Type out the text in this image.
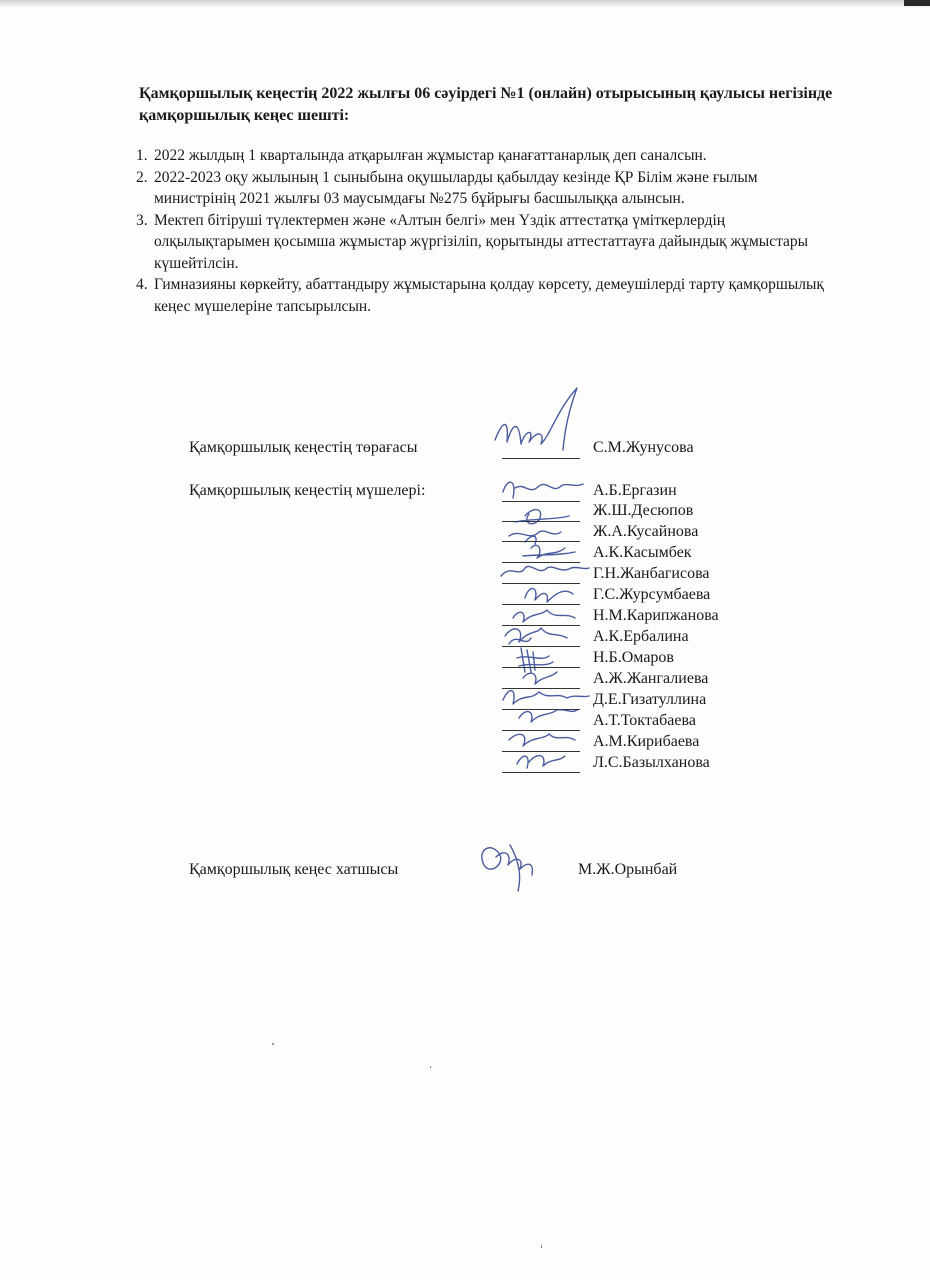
Қамқоршылық кеңестің 2022 жылғы 06 сәуірдегі №1 (онлайн) отырысының қаулысы негізінде қамқоршылық кеңес шешті:
1. 2022 жылдың 1 кварталында атқарылған жұмыстар қанағаттанарлық деп саналсын.
2. 2022-2023 оқу жылының 1 сыныбына оқушыларды қабылдау кезінде ҚР Білім және ғылым министрінің 2021 жылғы 03 маусымдағы №275 бұйрығы басшылыққа алынсын.
3. Мектеп бітіруші түлектермен және «Алтын белгі» мен Үздік аттестатқа үміткерлердің олқылықтарымен қосымша жұмыстар жүргізіліп, қорытынды аттестаттауға дайындық жұмыстары күшейтілсін.
4. Гимназияны көркейту, абаттандыру жұмыстарына қолдау көрсету, демеушілерді тарту қамқоршылық кеңес мүшелеріне тапсырылсын.
Қамқоршылық кеңестің төрағасы	С.М.Жунусова
Қамқоршылық кеңестің мүшелері:	А.Б.Ергазин
Ж.Ш.Десюпов
Ж.А.Кусайнова
А.К.Касымбек
Г.Н.Жанбагисова
Г.С.Журсумбаева
Н.М.Карипжанова
А.К.Ербалина
Н.Б.Омаров
А.Ж.Жангалиева
Д.Е.Гизатуллина
А.Т.Токтабаева
А.М.Кирибаева
Л.С.Базылханова
Қамқоршылық кеңес хатшысы	М.Ж.Орынбай
